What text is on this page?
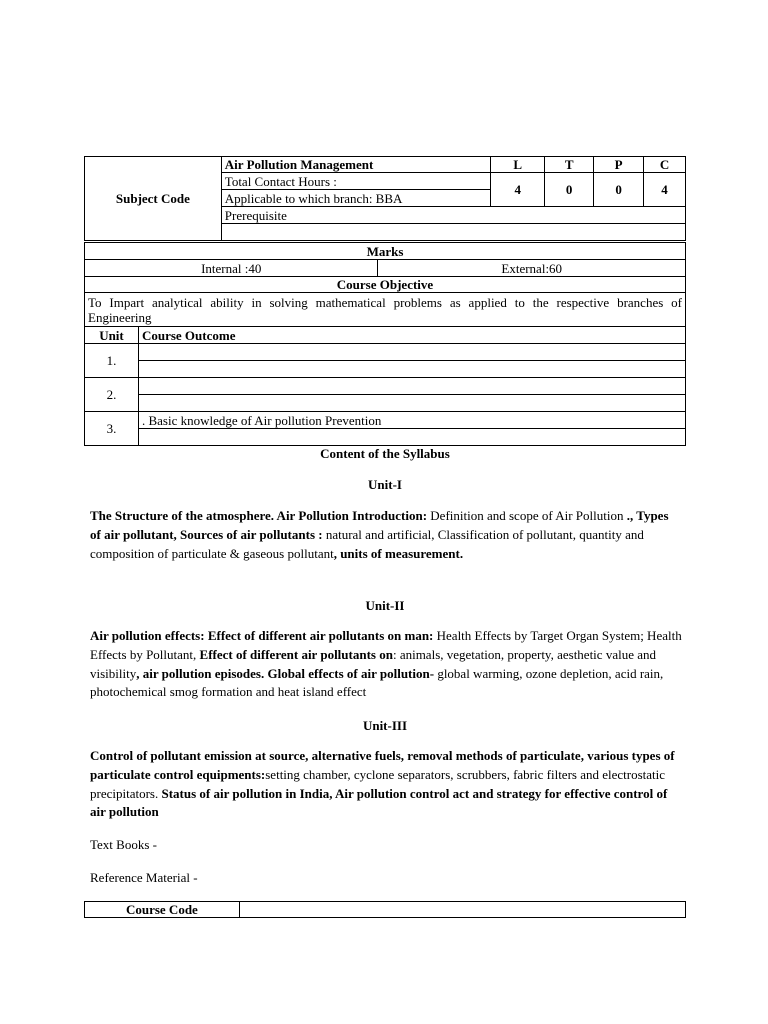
Subject Code	Air Pollution Management	L	T	P	C
	Total Contact Hours :	4	0	0	4
	Applicable to which branch: BBA				
	Prerequisite				

Marks		
Internal :40		External:60
Course Objective		
To Impart analytical ability in solving mathematical problems as applied to the respective branches of Engineering		
Unit	Course Outcome	
1.		

2.		

3.	. Basic knowledge of Air pollution Prevention	

Content of the Syllabus
Unit-I
The Structure of the atmosphere. Air Pollution Introduction: Definition and scope of Air Pollution ., Types of air pollutant, Sources of air pollutants : natural and artificial, Classification of pollutant, quantity and composition of particulate & gaseous pollutant, units of measurement.
Unit-II
Air pollution effects: Effect of different air pollutants on man: Health Effects by Target Organ System; Health Effects by Pollutant, Effect of different air pollutants on: animals, vegetation, property, aesthetic value and visibility, air pollution episodes. Global effects of air pollution- global warming, ozone depletion, acid rain, photochemical smog formation and heat island effect
Unit-III
Control of pollutant emission at source, alternative fuels, removal methods of particulate, various types of particulate control equipments:setting chamber, cyclone separators, scrubbers, fabric filters and electrostatic precipitators. Status of air pollution in India, Air pollution control act and strategy for effective control of air pollution
Text Books -
Reference Material -
Course Code	
